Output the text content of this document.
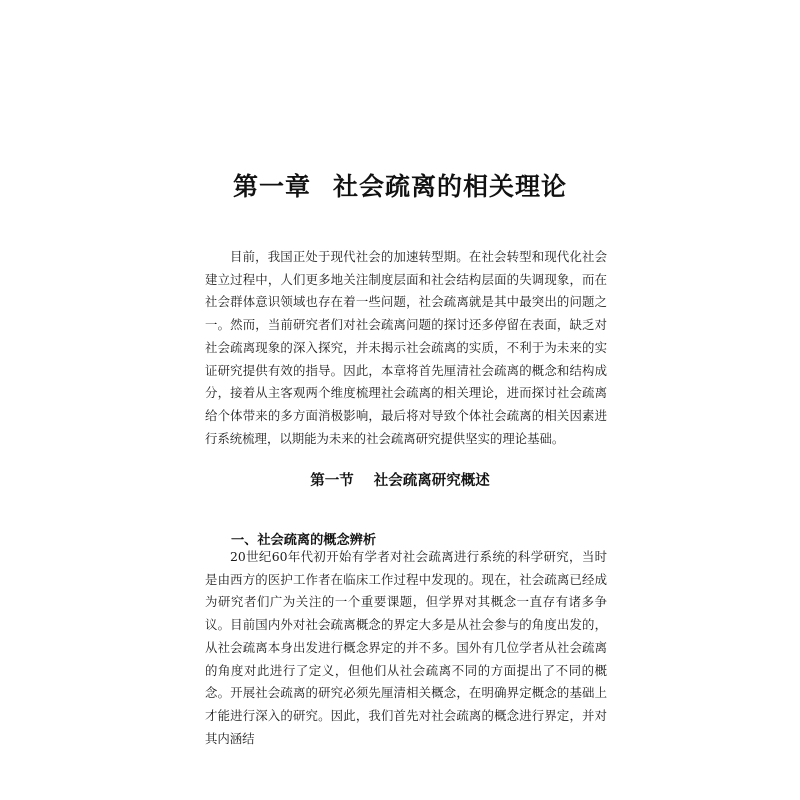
第一章 社会疏离的相关理论

目前，我国正处于现代社会的加速转型期。在社会转型和现代化社会建立过程中，人们更多地关注制度层面和社会结构层面的失调现象，而在社会群体意识领域也存在着一些问题，社会疏离就是其中最突出的问题之一。然而，当前研究者们对社会疏离问题的探讨还多停留在表面，缺乏对社会疏离现象的深入探究，并未揭示社会疏离的实质，不利于为未来的实证研究提供有效的指导。因此，本章将首先厘清社会疏离的概念和结构成分，接着从主客观两个维度梳理社会疏离的相关理论，进而探讨社会疏离给个体带来的多方面消极影响，最后将对导致个体社会疏离的相关因素进行系统梳理，以期能为未来的社会疏离研究提供坚实的理论基础。

第一节 社会疏离研究概述
一、社会疏离的概念辨析

20世纪60年代初开始有学者对社会疏离进行系统的科学研究，当时是由西方的医护工作者在临床工作过程中发现的。现在，社会疏离已经成为研究者们广为关注的一个重要课题，但学界对其概念一直存有诸多争议。目前国内外对社会疏离概念的界定大多是从社会参与的角度出发的，从社会疏离本身出发进行概念界定的并不多。国外有几位学者从社会疏离的角度对此进行了定义，但他们从社会疏离不同的方面提出了不同的概念。开展社会疏离的研究必须先厘清相关概念，在明确界定概念的基础上才能进行深入的研究。因此，我们首先对社会疏离的概念进行界定，并对其内涵结
